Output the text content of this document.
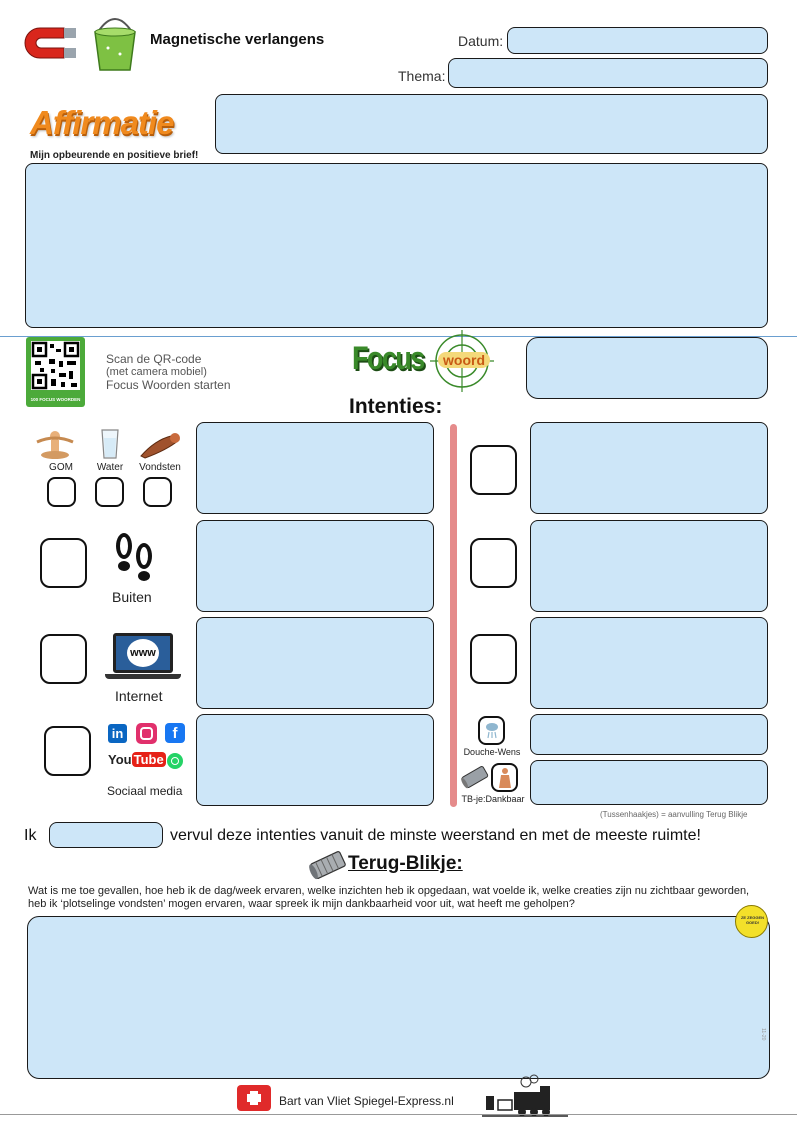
Magnetische verlangens	Datum:
Thema:
Affirmatie
Mijn opbeurende en positieve brief!
100 FOCUS WOORDEN
Scan de QR-code
(met camera mobiel)
Focus Woorden starten
Focus	woord
Intenties:
GOM	Water	Vondsten
Buiten
www
Internet
in	f
You Tube
Sociaal media
Douche-Wens
TB-je:Dankbaar
(Tussenhaakjes) = aanvulling Terug Blikje
Ik	vervul deze intenties vanuit de minste weerstand en met de meeste ruimte!
Terug-Blikje:
Wat is me toe gevallen, hoe heb ik de dag/week ervaren, welke inzichten heb ik opgedaan, wat voelde ik, welke creaties zijn nu zichtbaar geworden, heb ik ‘plotselinge vondsten’ mogen ervaren, waar spreek ik mijn dankbaarheid voor uit, wat heeft me geholpen?
ZE ZEGGEN GOED!
11-20
Bart van Vliet Spiegel-Express.nl
